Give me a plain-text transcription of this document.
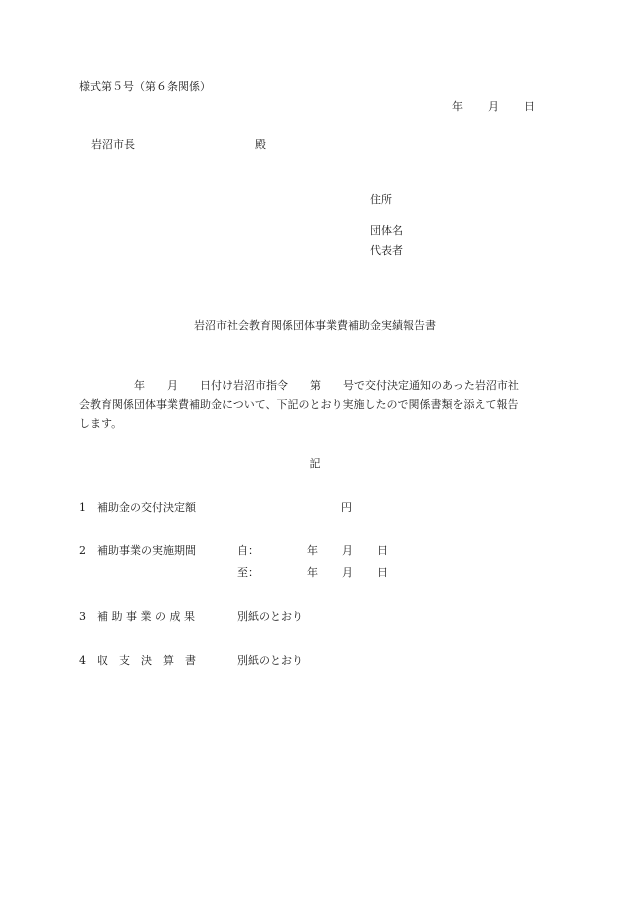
様式第５号（第６条関係）
年 月 日
岩沼市長	殿
住所
団体名
代表者
岩沼市社会教育関係団体事業費補助金実績報告書
　　　　　年　　月　　日付け岩沼市指令　　第　　号で交付決定通知のあった岩沼市社
会教育関係団体事業費補助金について、下記のとおり実施したので関係書類を添えて報告
します。
記
1　補助金の交付決定額	円
2　補助事業の実施期間	自：	年 月 日
至：	年 月 日
3　補 助 事 業 の 成 果	別紙のとおり
4　収　支　決　算　書	別紙のとおり
